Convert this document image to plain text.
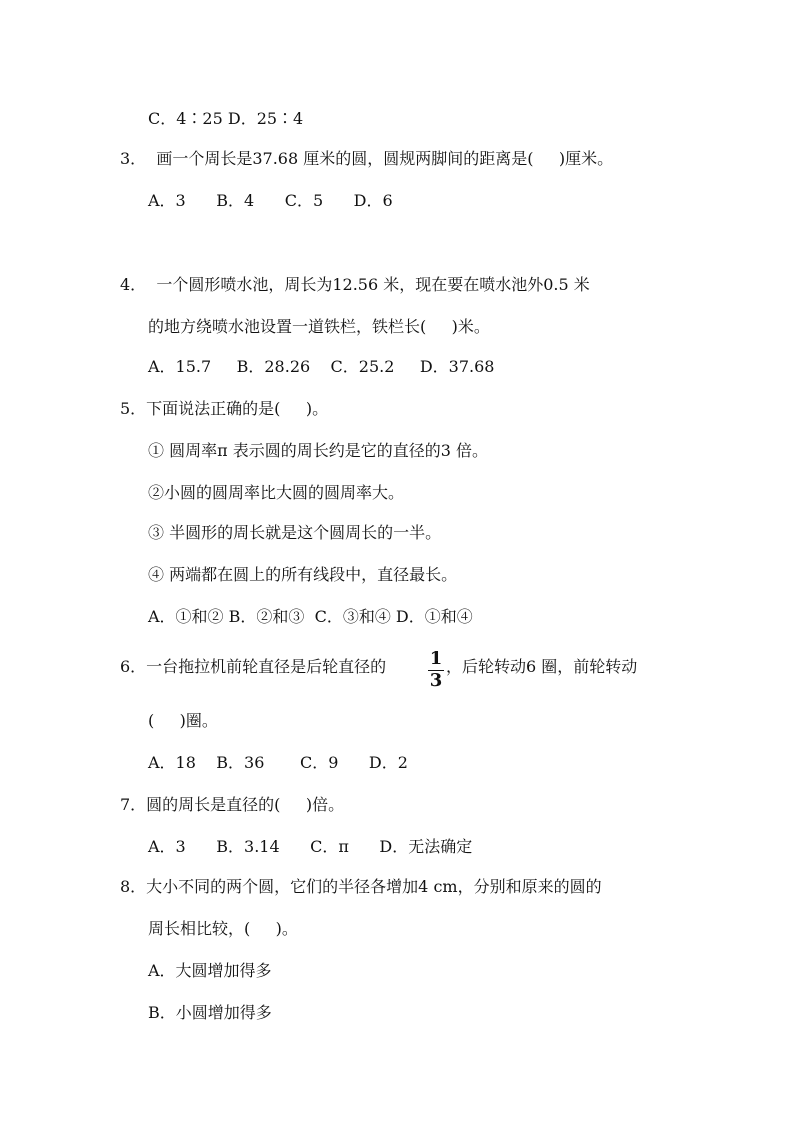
C．4∶25 D．25∶4
3．  画一个周长是37.68 厘米的圆，圆规两脚间的距离是(     )厘米。
A．3      B．4      C．5      D．6
4．  一个圆形喷水池，周长为12.56 米，现在要在喷水池外0.5 米
的地方绕喷水池设置一道铁栏，铁栏长(     )米。
A．15.7     B．28.26    C．25.2     D．37.68
5．下面说法正确的是(     )。
① 圆周率π 表示圆的周长约是它的直径的3 倍。
②小圆的圆周率比大圆的圆周率大。
③ 半圆形的周长就是这个圆周长的一半。
④ 两端都在圆上的所有线段中，直径最长。
A．①和② B．②和③  C．③和④ D．①和④
6．一台拖拉机前轮直径是后轮直径的 1
3
，后轮转动6 圈，前轮转动
(     )圈。
A．18    B．36       C．9      D．2
7．圆的周长是直径的(     )倍。
A．3      B．3.14      C．π      D．无法确定
8．大小不同的两个圆，它们的半径各增加4 cm，分别和原来的圆的
周长相比较，(     )。
A．大圆增加得多
B．小圆增加得多
